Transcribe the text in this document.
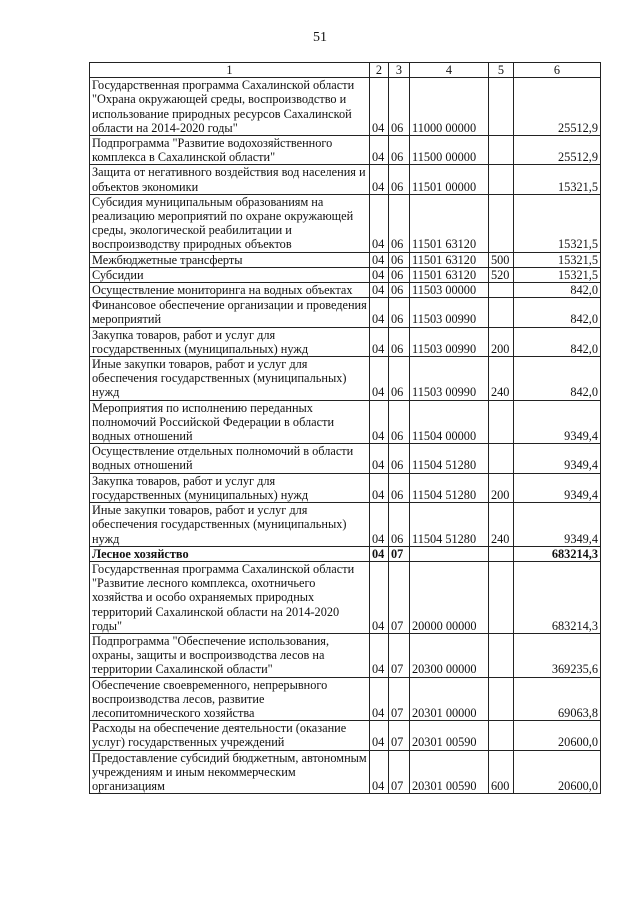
51
1	2	3	4	5	6
Государственная программа Сахалинской области "Охрана окружающей среды, воспроизводство и использование природных ресурсов Сахалинской области на 2014-2020 годы"	04	06	11000 00000		25512,9
Подпрограмма "Развитие водохозяйственного комплекса в Сахалинской области"	04	06	11500 00000		25512,9
Защита от негативного воздействия вод населения и объектов экономики	04	06	11501 00000		15321,5
Субсидия муниципальным образованиям на реализацию мероприятий по охране окружающей среды, экологической реабилитации и воспроизводству природных объектов	04	06	11501 63120		15321,5
Межбюджетные трансферты	04	06	11501 63120	500	15321,5
Субсидии	04	06	11501 63120	520	15321,5
Осуществление мониторинга на водных объектах	04	06	11503 00000		842,0
Финансовое обеспечение организации и проведения мероприятий	04	06	11503 00990		842,0
Закупка товаров, работ и услуг для государственных (муниципальных) нужд	04	06	11503 00990	200	842,0
Иные закупки товаров, работ и услуг для обеспечения государственных (муниципальных) нужд	04	06	11503 00990	240	842,0
Мероприятия по исполнению переданных полномочий Российской Федерации в области водных отношений	04	06	11504 00000		9349,4
Осуществление отдельных полномочий в области водных отношений	04	06	11504 51280		9349,4
Закупка товаров, работ и услуг для государственных (муниципальных) нужд	04	06	11504 51280	200	9349,4
Иные закупки товаров, работ и услуг для обеспечения государственных (муниципальных) нужд	04	06	11504 51280	240	9349,4
Лесное хозяйство	04	07			683214,3
Государственная программа Сахалинской области "Развитие лесного комплекса, охотничьего хозяйства и особо охраняемых природных территорий Сахалинской области на 2014-2020 годы"	04	07	20000 00000		683214,3
Подпрограмма "Обеспечение использования, охраны, защиты и воспроизводства лесов на территории Сахалинской области"	04	07	20300 00000		369235,6
Обеспечение своевременного, непрерывного воспроизводства лесов, развитие лесопитомнического хозяйства	04	07	20301 00000		69063,8
Расходы на обеспечение деятельности (оказание услуг) государственных учреждений	04	07	20301 00590		20600,0
Предоставление субсидий бюджетным, автономным учреждениям и иным некоммерческим организациям	04	07	20301 00590	600	20600,0
